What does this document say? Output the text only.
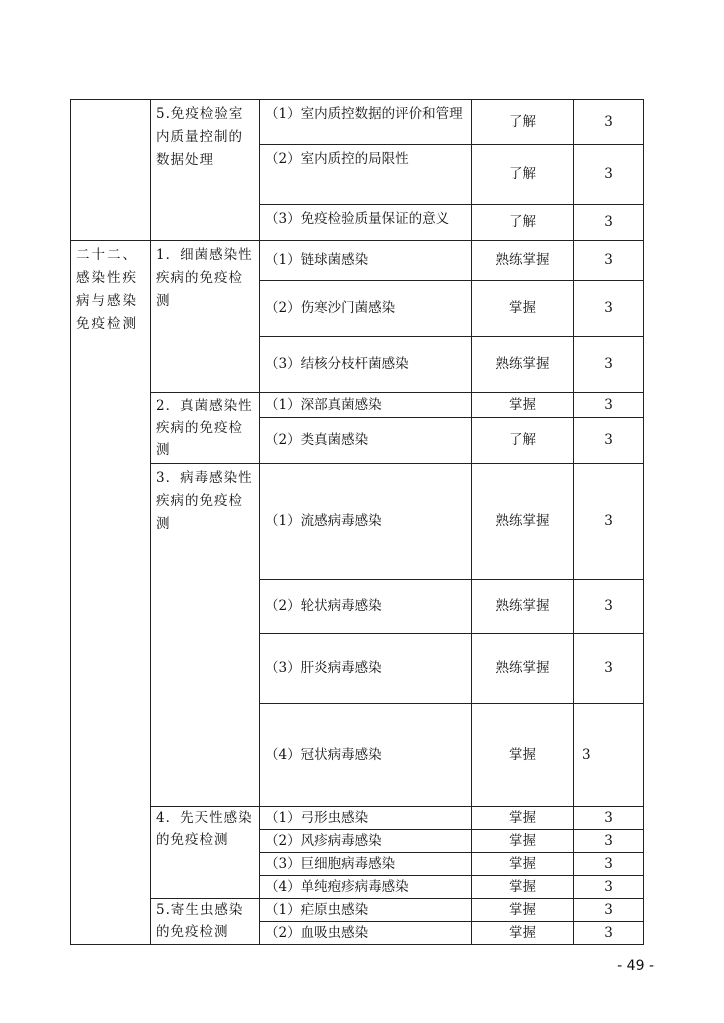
	5.免疫检验室内质量控制的数据处理	（1）室内质控数据的评价和管理	了解	3
		（2）室内质控的局限性	了解	3
		（3）免疫检验质量保证的意义	了解	3
二十二、感染性疾病与感染免疫检测	1．细菌感染性疾病的免疫检测	（1）链球菌感染	熟练掌握	3
		（2）伤寒沙门菌感染	掌握	3
		（3）结核分枝杆菌感染	熟练掌握	3
	2．真菌感染性疾病的免疫检测	（1）深部真菌感染	掌握	3
		（2）类真菌感染	了解	3
	3．病毒感染性疾病的免疫检测	（1）流感病毒感染	熟练掌握	3
		（2）轮状病毒感染	熟练掌握	3
		（3）肝炎病毒感染	熟练掌握	3
		（4）冠状病毒感染	掌握	3
	4．先天性感染的免疫检测	（1）弓形虫感染	掌握	3
		（2）风疹病毒感染	掌握	3
		（3）巨细胞病毒感染	掌握	3
		（4）单纯疱疹病毒感染	掌握	3
	5.寄生虫感染的免疫检测	（1）疟原虫感染	掌握	3
		（2）血吸虫感染	掌握	3
- 49 -
